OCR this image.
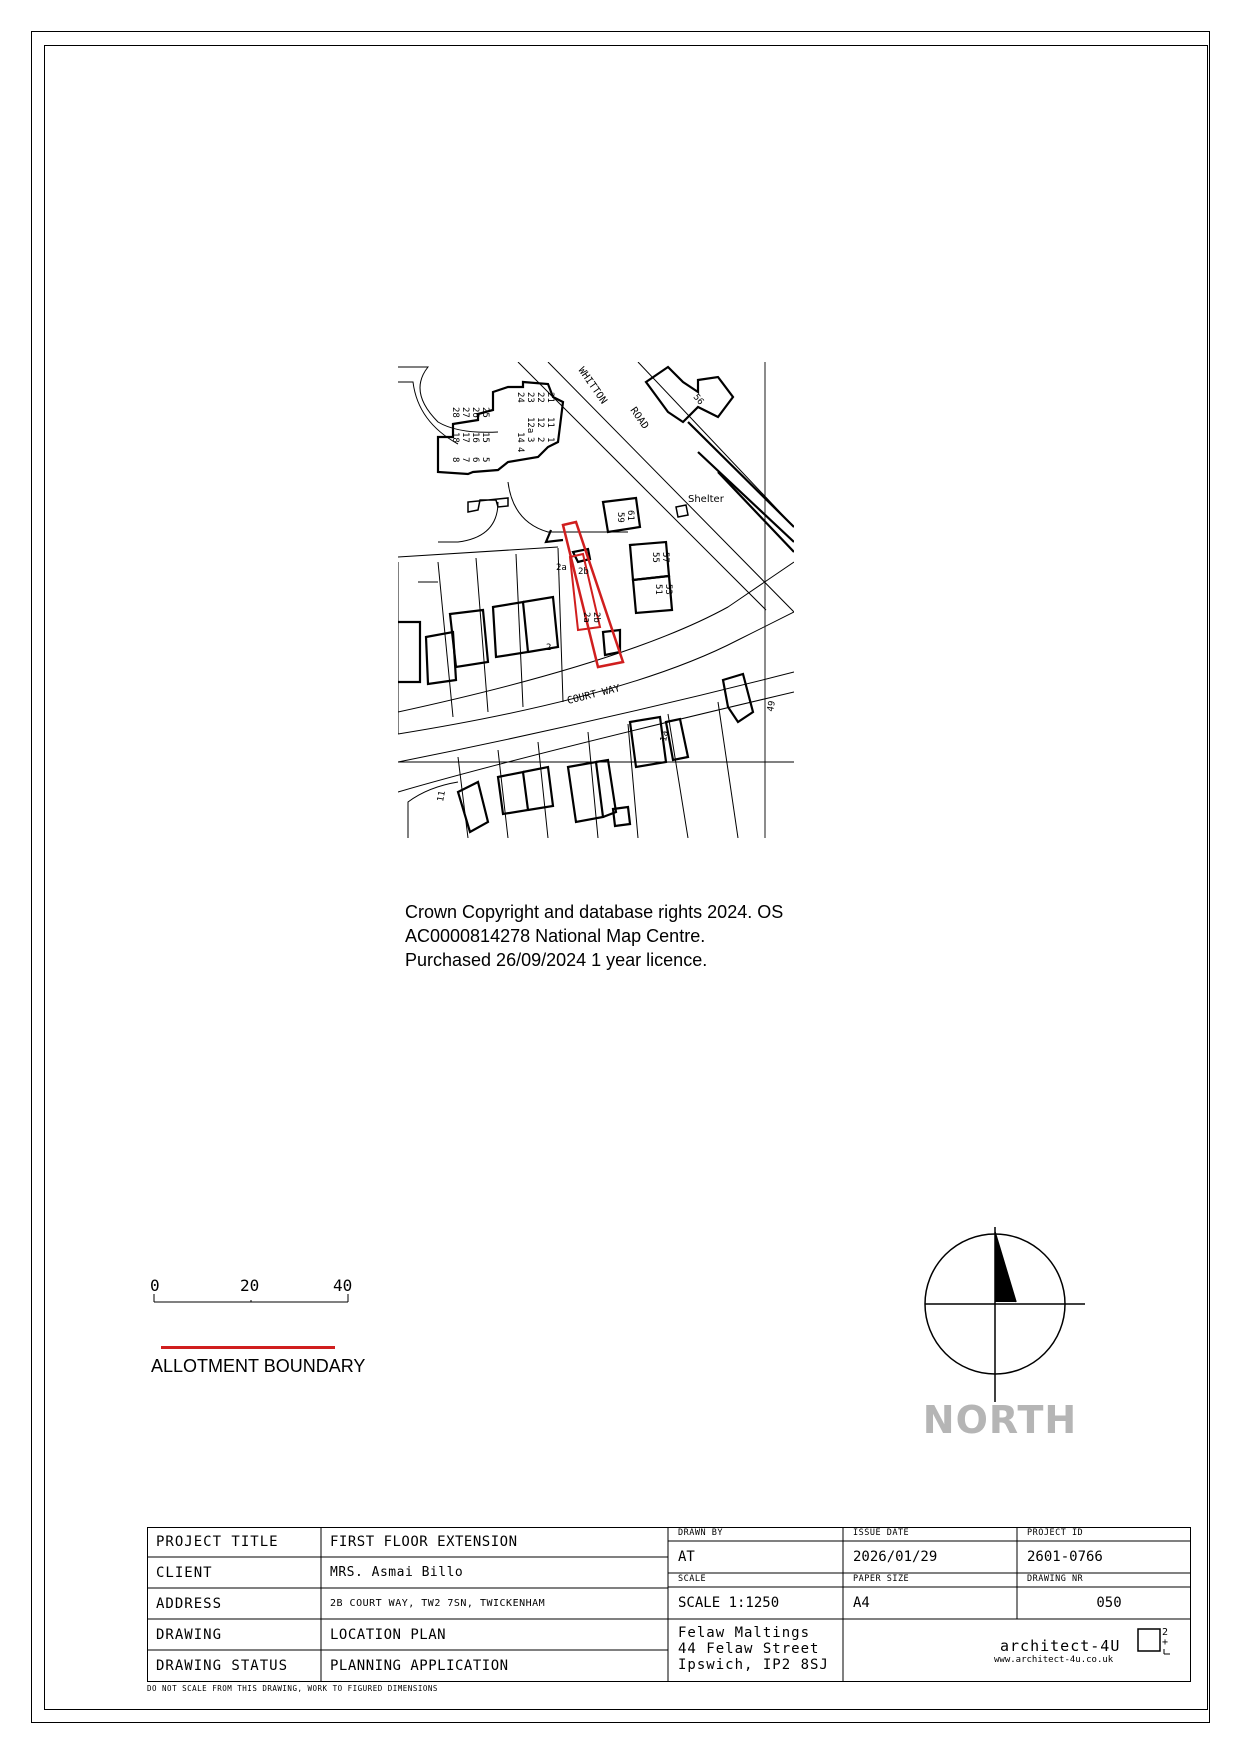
WHITTON
ROAD
Shelter
COURT WAY
59 61
55 57
51 53
2a 2b
2a 2b
2
49
1a
11
56
21
22
23
24
11
12
12a
14 1
2
3
4
25
26
27
28
15
16
17
18
5
6
7
8
Crown Copyright and database rights 2024. OS AC0000814278 National Map Centre. Purchased 26/09/2024 1 year licence.
0	20	40
ALLOTMENT BOUNDARY
NORTH
PROJECT TITLE	FIRST FLOOR EXTENSION
CLIENT	MRS. Asmai Billo
ADDRESS	2B COURT WAY, TW2 7SN, TWICKENHAM
DRAWING	LOCATION PLAN
DRAWING STATUS	PLANNING APPLICATION
DRAWN BY
AT
ISSUE DATE
2026/01/29
PROJECT ID
2601-0766
SCALE
SCALE 1:1250
PAPER SIZE
A4
DRAWING NR
050
Felaw Maltings
44 Felaw Street
Ipswich, IP2 8SJ
architect-4U
www.architect-4u.co.uk
2
+
DO NOT SCALE FROM THIS DRAWING, WORK TO FIGURED DIMENSIONS
